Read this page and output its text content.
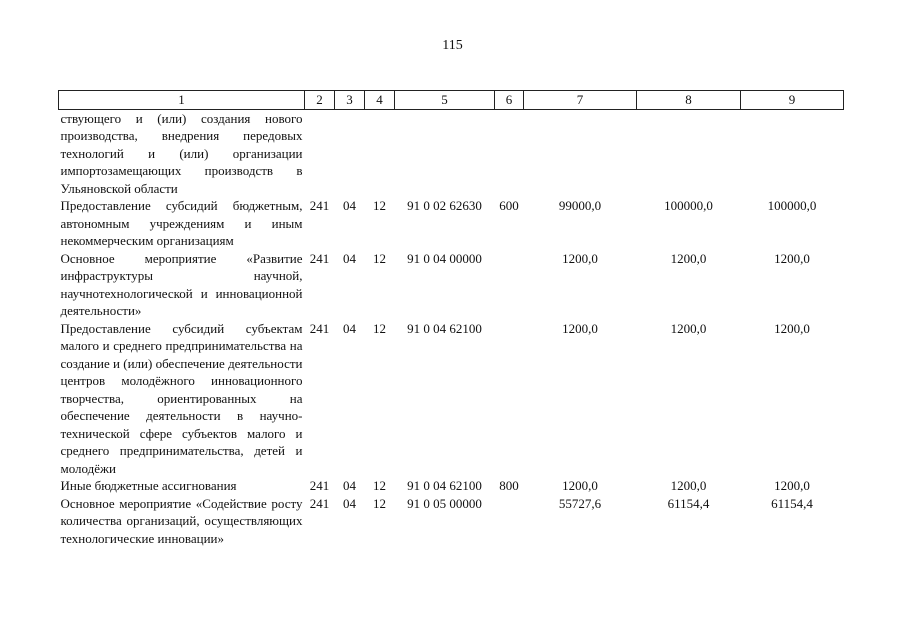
115
1	2	3	4	5	6	7	8	9
ствующего и (или) создания нового производства, внедрения передовых технологий и (или) организации импортозамещающих производств в Ульяновской области								
Предоставление субсидий бюджетным, автономным учреждениям и иным некоммерческим организациям	241	04	12	91 0 02 62630	600	99000,0	100000,0	100000,0
Основное мероприятие «Развитие инфраструктуры научной, научнотехнологической и инновационной деятельности»	241	04	12	91 0 04 00000		1200,0	1200,0	1200,0
Предоставление субсидий субъектам малого и среднего предпринимательства на создание и (или) обеспечение деятельности центров молодёжного инновационного творчества, ориентированных на обеспечение деятельности в научно-технической сфере субъектов малого и среднего предпринимательства, детей и молодёжи	241	04	12	91 0 04 62100		1200,0	1200,0	1200,0
Иные бюджетные ассигнования	241	04	12	91 0 04 62100	800	1200,0	1200,0	1200,0
Основное мероприятие «Содействие росту количества организаций, осуществляющих технологические инновации»	241	04	12	91 0 05 00000		55727,6	61154,4	61154,4
